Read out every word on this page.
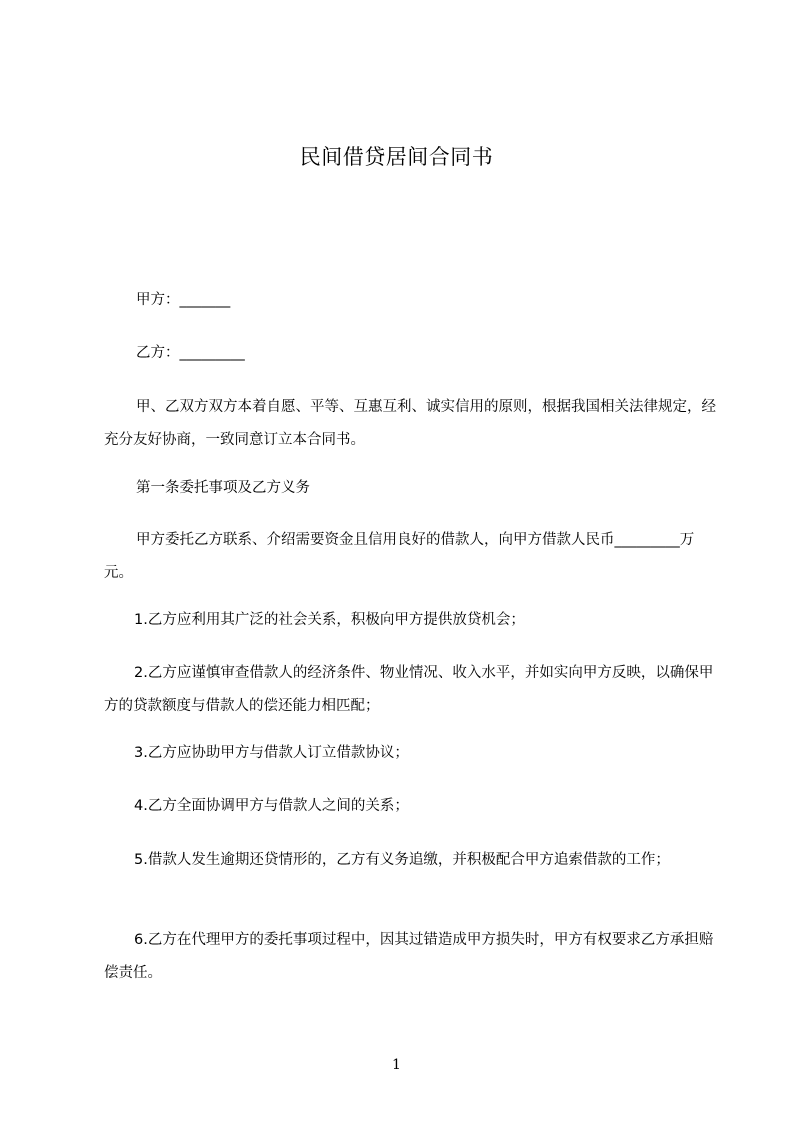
民间借贷居间合同书

甲方：_______

乙方：_________

甲、乙双方双方本着自愿、平等、互惠互利、诚实信用的原则，根据我国相关法律规定，经充分友好协商，一致同意订立本合同书。

第一条委托事项及乙方义务

甲方委托乙方联系、介绍需要资金且信用良好的借款人，向甲方借款人民币_________万元。

1.乙方应利用其广泛的社会关系，积极向甲方提供放贷机会；

2.乙方应谨慎审查借款人的经济条件、物业情况、收入水平，并如实向甲方反映，以确保甲方的贷款额度与借款人的偿还能力相匹配；

3.乙方应协助甲方与借款人订立借款协议；

4.乙方全面协调甲方与借款人之间的关系；

5.借款人发生逾期还贷情形的，乙方有义务追缴，并积极配合甲方追索借款的工作；

6.乙方在代理甲方的委托事项过程中，因其过错造成甲方损失时，甲方有权要求乙方承担赔偿责任。

1
